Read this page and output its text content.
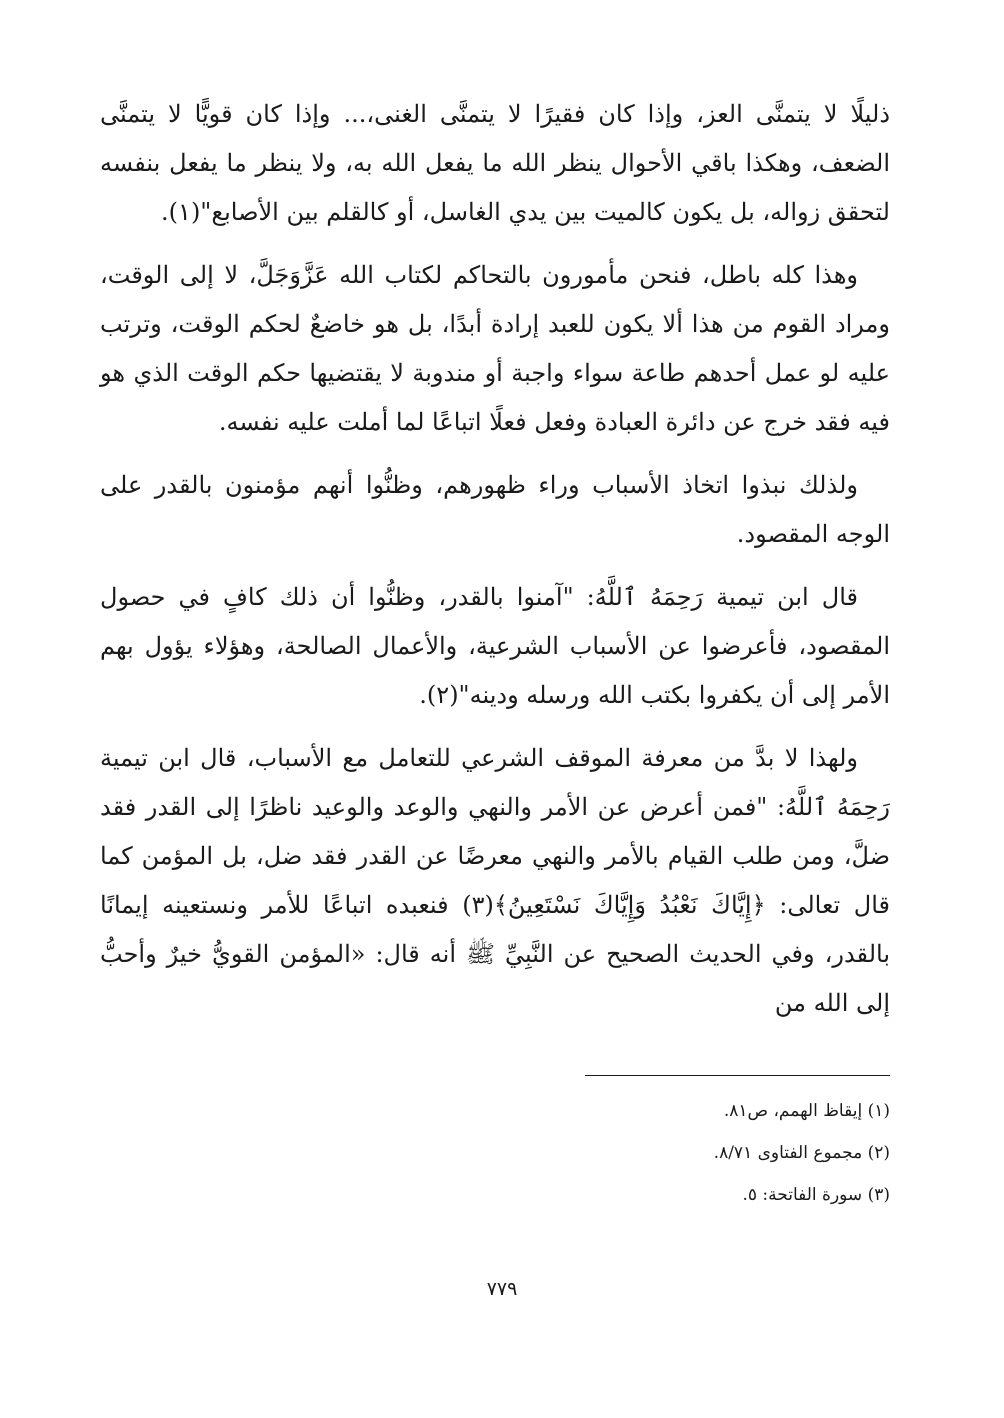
ذليلًا لا يتمنَّى العز، وإذا كان فقيرًا لا يتمنَّى الغنى،... وإذا كان قويًّا لا يتمنَّى الضعف، وهكذا باقي الأحوال ينظر الله ما يفعل الله به، ولا ينظر ما يفعل بنفسه لتحقق زواله، بل يكون كالميت بين يدي الغاسل، أو كالقلم بين الأصابع"(١).

وهذا كله باطل، فنحن مأمورون بالتحاكم لكتاب الله عَزَّوَجَلَّ، لا إلى الوقت، ومراد القوم من هذا ألا يكون للعبد إرادة أبدًا، بل هو خاضعٌ لحكم الوقت، وترتب عليه لو عمل أحدهم طاعة سواء واجبة أو مندوبة لا يقتضيها حكم الوقت الذي هو فيه فقد خرج عن دائرة العبادة وفعل فعلًا اتباعًا لما أملت عليه نفسه.

ولذلك نبذوا اتخاذ الأسباب وراء ظهورهم، وظنُّوا أنهم مؤمنون بالقدر على الوجه المقصود.

قال ابن تيمية رَحِمَهُ ٱللَّهُ: "آمنوا بالقدر، وظنُّوا أن ذلك كافٍ في حصول المقصود، فأعرضوا عن الأسباب الشرعية، والأعمال الصالحة، وهؤلاء يؤول بهم الأمر إلى أن يكفروا بكتب الله ورسله ودينه"(٢).

ولهذا لا بدَّ من معرفة الموقف الشرعي للتعامل مع الأسباب، قال ابن تيمية رَحِمَهُ ٱللَّهُ: "فمن أعرض عن الأمر والنهي والوعد والوعيد ناظرًا إلى القدر فقد ضلَّ، ومن طلب القيام بالأمر والنهي معرضًا عن القدر فقد ضل، بل المؤمن كما قال تعالى: ﴿إِيَّاكَ نَعْبُدُ وَإِيَّاكَ نَسْتَعِينُ﴾(٣) فنعبده اتباعًا للأمر ونستعينه إيمانًا بالقدر، وفي الحديث الصحيح عن النَّبِيِّ ﷺ أنه قال: «المؤمن القويُّ خيرٌ وأحبُّ إلى الله من

(١) إيقاظ الهمم، ص٨١.

(٢) مجموع الفتاوى ٨/٧١.

(٣) سورة الفاتحة: ٥.

٧٧٩
